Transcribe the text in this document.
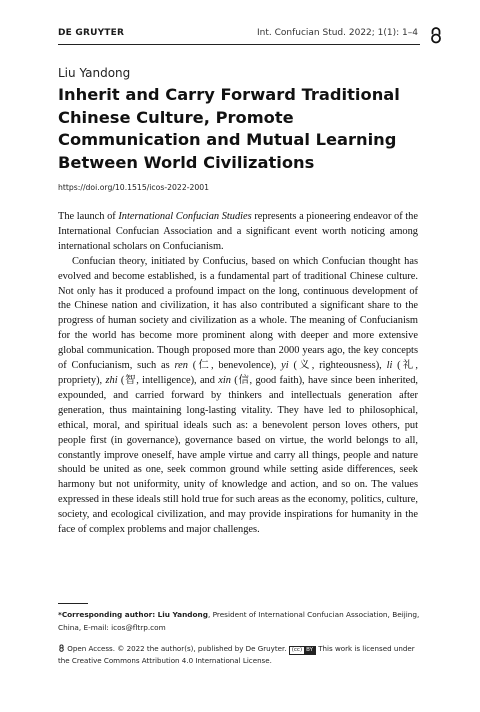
DE GRUYTER	Int. Confucian Stud. 2022; 1(1): 1–4
Liu Yandong
Inherit and Carry Forward Traditional Chinese Culture, Promote Communication and Mutual Learning Between World Civilizations
https://doi.org/10.1515/icos-2022-2001

The launch of International Confucian Studies represents a pioneering endeavor of the International Confucian Association and a significant event worth noticing among international scholars on Confucianism.

Confucian theory, initiated by Confucius, based on which Confucian thought has evolved and become established, is a fundamental part of traditional Chinese culture. Not only has it produced a profound impact on the long, continuous development of the Chinese nation and civilization, it has also contributed a significant share to the progress of human society and civilization as a whole. The meaning of Confucianism for the world has become more prominent along with deeper and more extensive global communication. Though proposed more than 2000 years ago, the key concepts of Confucianism, such as ren (仁, benevolence), yi (义, righteousness), li (礼, propriety), zhi (智, intelligence), and xin (信, good faith), have since been inherited, expounded, and carried forward by thinkers and intellectuals generation after generation, thus maintaining long-lasting vitality. They have led to philosophical, ethical, moral, and spiritual ideals such as: a benevolent person loves others, put people first (in governance), governance based on virtue, the world belongs to all, constantly improve oneself, have ample virtue and carry all things, people and nature should be united as one, seek common ground while setting aside differences, seek harmony but not uniformity, unity of knowledge and action, and so on. The values expressed in these ideals still hold true for such areas as the economy, politics, culture, society, and ecological civilization, and may provide inspirations for humanity in the face of complex problems and major challenges.

*Corresponding author: Liu Yandong, President of International Confucian Association, Beijing, China, E-mail: icos@fltrp.com
Open Access. © 2022 the author(s), published by De Gruyter. (cc) BY This work is licensed under the Creative Commons Attribution 4.0 International License.
